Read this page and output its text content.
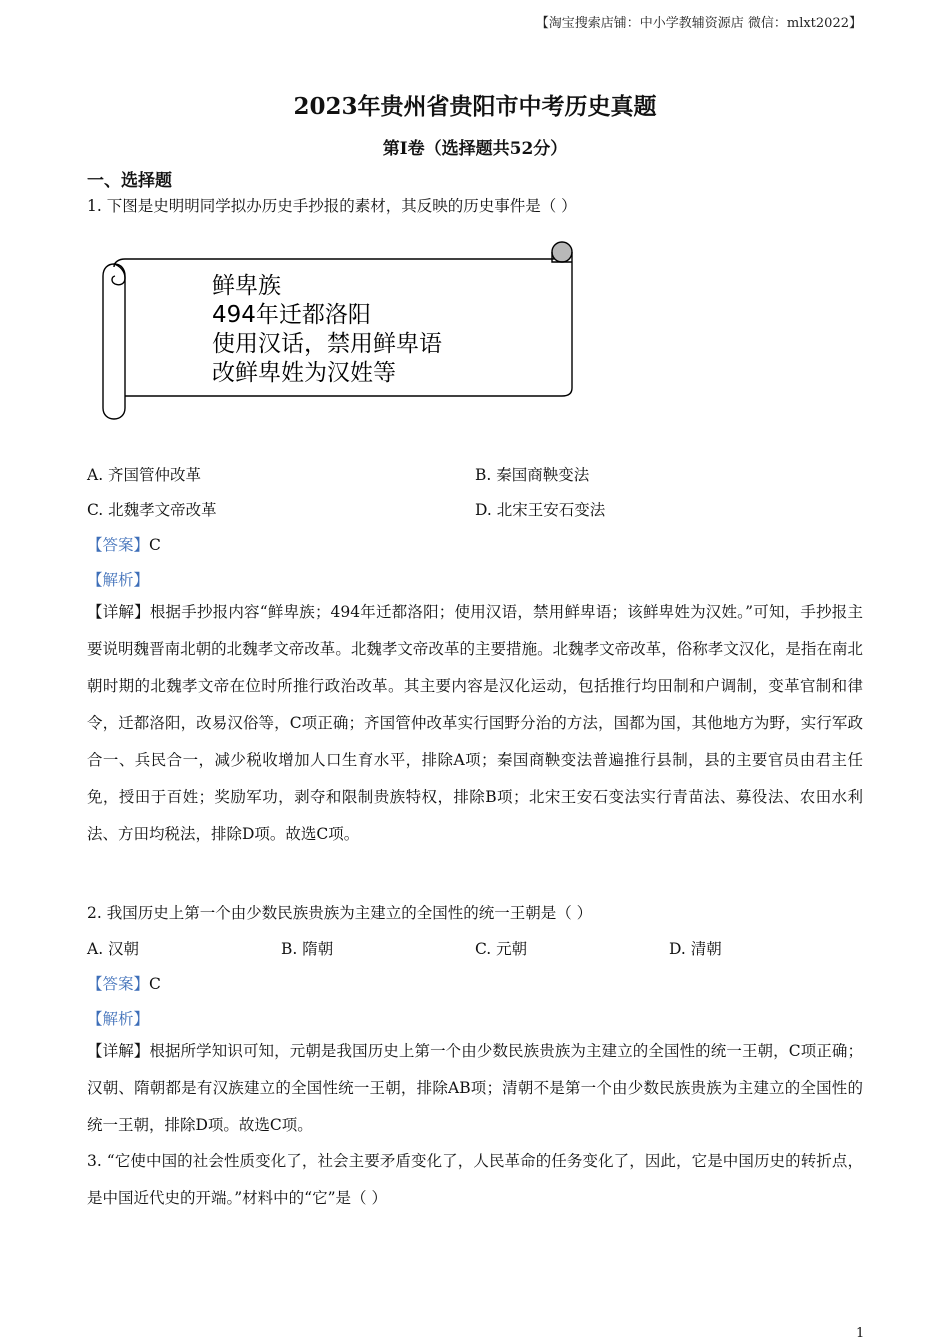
【淘宝搜索店铺：中小学教辅资源店 微信：mlxt2022】
2023年贵州省贵阳市中考历史真题
第Ⅰ卷（选择题共52分）
一、选择题
1. 下图是史明明同学拟办历史手抄报的素材，其反映的历史事件是（ ）
鲜卑族
494年迁都洛阳
使用汉话，禁用鲜卑语
改鲜卑姓为汉姓等
A. 齐国管仲改革	B. 秦国商鞅变法
C. 北魏孝文帝改革	D. 北宋王安石变法
【答案】C
【解析】
【详解】根据手抄报内容“鲜卑族；494年迁都洛阳；使用汉语，禁用鲜卑语；该鲜卑姓为汉姓。”可知，手抄报主要说明魏晋南北朝的北魏孝文帝改革。北魏孝文帝改革的主要措施。北魏孝文帝改革，俗称孝文汉化，是指在南北朝时期的北魏孝文帝在位时所推行政治改革。其主要内容是汉化运动，包括推行均田制和户调制，变革官制和律令，迁都洛阳，改易汉俗等，C项正确；齐国管仲改革实行国野分治的方法，国都为国，其他地方为野，实行军政合一、兵民合一，减少税收增加人口生育水平，排除A项；秦国商鞅变法普遍推行县制，县的主要官员由君主任免，授田于百姓；奖励军功，剥夺和限制贵族特权，排除B项；北宋王安石变法实行青苗法、募役法、农田水利法、方田均税法，排除D项。故选C项。
2. 我国历史上第一个由少数民族贵族为主建立的全国性的统一王朝是（ ）
A. 汉朝	B. 隋朝	C. 元朝	D. 清朝
【答案】C
【解析】
【详解】根据所学知识可知，元朝是我国历史上第一个由少数民族贵族为主建立的全国性的统一王朝，C项正确；汉朝、隋朝都是有汉族建立的全国性统一王朝，排除AB项；清朝不是第一个由少数民族贵族为主建立的全国性的统一王朝，排除D项。故选C项。
3. “它使中国的社会性质变化了，社会主要矛盾变化了，人民革命的任务变化了，因此，它是中国历史的转折点，是中国近代史的开端。”材料中的“它”是（ ）
1
